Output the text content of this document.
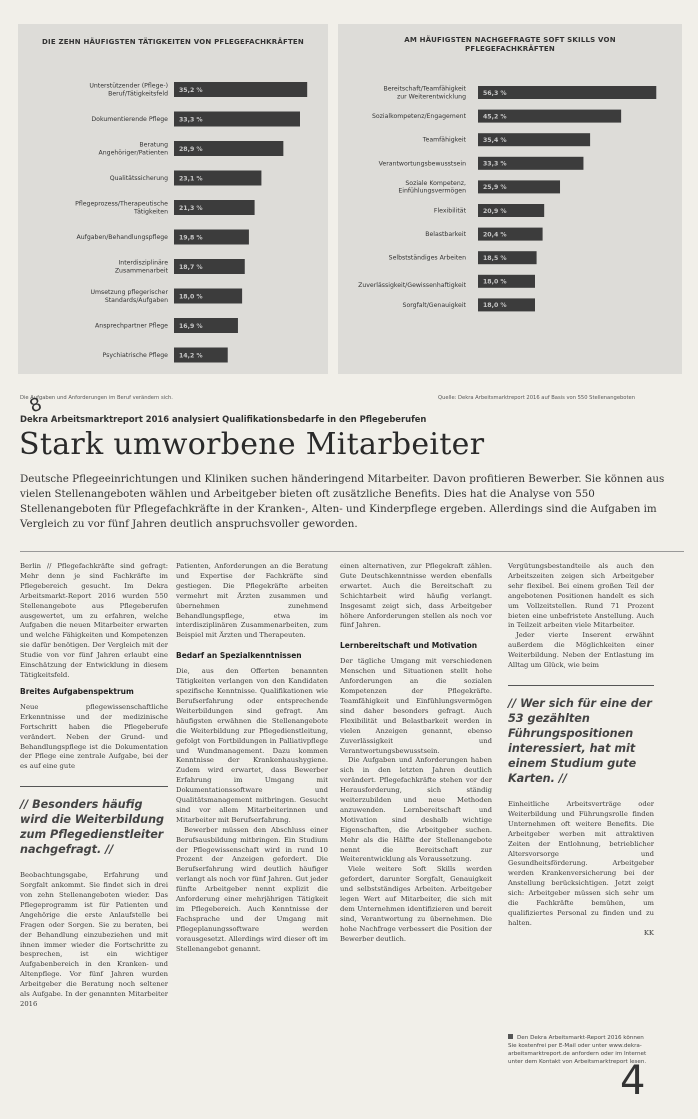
DIE ZEHN HÄUFIGSTEN TÄTIGKEITEN VON PFLEGEFACHKRÄFTEN
Unterstützender (Pflege-) Beruf/Tätigkeitsfeld 35,2 %
Dokumentierende Pflege 33,3 %
Beratung Angehöriger/Patienten 28,9 %
Qualitätssicherung 23,1 %
Pflegeprozess/Therapeutische Tätigkeiten 21,3 %
Aufgaben/Behandlungspflege 19,8 %
Interdisziplinäre Zusammenarbeit 18,7 %
Umsetzung pflegerischer Standards/Aufgaben 18,0 %
Ansprechpartner Pflege 16,9 %
Psychiatrische Pflege 14,2 %
AM HÄUFIGSTEN NACHGEFRAGTE SOFT SKILLS VON PFLEGEFACHKRÄFTEN
Bereitschaft/Teamfähigkeit zur Weiterentwicklung	56,3 %
Sozialkompetenz/Engagement	45,2 %
Teamfähigkeit	35,4 %
Verantwortungsbewusstsein	33,3 %
Soziale Kompetenz, Einfühlungsvermögen	25,9 %
Flexibilität	20,9 %
Belastbarkeit	20,4 %
Selbstständiges Arbeiten	18,5 %
Zuverlässigkeit/Gewissenhaftigkeit	18,0 %
Sorgfalt/Genauigkeit	18,0 %
Die Aufgaben und Anforderungen im Beruf verändern sich.	Quelle: Dekra Arbeitsmarktreport 2016 auf Basis von 550 Stellenangeboten
8
Dekra Arbeitsmarktreport 2016 analysiert Qualifikationsbedarfe in den Pflegeberufen
Stark umworbene Mitarbeiter
Deutsche Pflegeeinrichtungen und Kliniken suchen händeringend Mitarbeiter. Davon profitieren Bewerber. Sie können aus vielen Stellenangeboten wählen und Arbeitgeber bieten oft zusätzliche Benefits. Dies hat die Analyse von 550 Stellenangeboten für Pflegefachkräfte in der Kranken-, Alten- und Kinderpflege ergeben. Allerdings sind die Aufgaben im Vergleich zu vor fünf Jahren deutlich anspruchsvoller geworden.

Berlin // Pflegefachkräfte sind gefragt: Mehr denn je sind Fachkräfte im Pflegebereich gesucht. Im Dekra Arbeitsmarkt-Report 2016 wurden 550 Stellenangebote aus Pflegeberufen ausgewertet, um zu erfahren, welche Aufgaben die neuen Mitarbeiter erwarten und welche Fähigkeiten und Kompetenzen sie dafür benötigen. Der Vergleich mit der Studie von vor fünf Jahren erlaubt eine Einschätzung der Entwicklung in diesem Tätigkeitsfeld.

Breites Aufgabenspektrum

Neue pflegewissenschaftliche Erkenntnisse und der medizinische Fortschritt haben die Pflegeberufe verändert. Neben der Grund- und Behandlungspflege ist die Dokumentation der Pflege eine zentrale Aufgabe, bei der es auf eine gute

// Besonders häufig wird die Weiterbildung zum Pflegedienstleiter nachgefragt. //

Beobachtungsgabe, Erfahrung und Sorgfalt ankommt. Sie findet sich in drei von zehn Stellenangeboten wieder. Das Pflegeprogramm ist für Patienten und Angehörige die erste Anlaufstelle bei Fragen oder Sorgen. Sie zu beraten, bei der Behandlung einzubeziehen und mit ihnen immer wieder die Fortschritte zu besprechen, ist ein wichtiger Aufgabenbereich in den Kranken- und Altenpflege. Vor fünf Jahren wurden Arbeitgeber die Beratung noch seltener als Aufgabe. In der genannten Mitarbeiter 2016

Patienten, Anforderungen an die Beratung und Expertise der Fachkräfte sind gestiegen. Die Pflegekräfte arbeiten vermehrt mit Ärzten zusammen und übernehmen zunehmend Behandlungspflege, etwa im interdisziplinären Zusammenarbeiten, zum Beispiel mit Ärzten und Therapeuten.

Bedarf an Spezialkenntnissen

Die, aus den Offerten benannten Tätigkeiten verlangen von den Kandidaten spezifische Kenntnisse. Qualifikationen wie Berufserfahrung oder entsprechende Weiterbildungen sind gefragt. Am häufigsten erwähnen die Stellenangebote die Weiterbildung zur Pflegedienstleitung, gefolgt von Fortbildungen in Palliativpflege und Wundmanagement. Dazu kommen Kenntnisse der Krankenhaushygiene. Zudem wird erwartet, dass Bewerber Erfahrung im Umgang mit Dokumentationssoftware und Qualitätsmanagement mitbringen. Gesucht sind vor allem Mitarbeiterinnen und Mitarbeiter mit Berufserfahrung.

Bewerber müssen den Abschluss einer Berufsausbildung mitbringen. Ein Studium der Pflegewissenschaft wird in rund 10 Prozent der Anzeigen gefordert. Die Berufserfahrung wird deutlich häufiger verlangt als noch vor fünf Jahren. Gut jeder fünfte Arbeitgeber nennt explizit die Anforderung einer mehrjährigen Tätigkeit im Pflegebereich. Auch Kenntnisse der Fachsprache und der Umgang mit Pflegeplanungssoftware werden vorausgesetzt. Allerdings wird dieser oft im Stellenangebot genannt.

einen alternativen, zur Pflegekraft zählen. Gute Deutschkenntnisse werden ebenfalls erwartet. Auch die Bereitschaft zu Schichtarbeit wird häufig verlangt. Insgesamt zeigt sich, dass Arbeitgeber höhere Anforderungen stellen als noch vor fünf Jahren.

Lernbereitschaft und Motivation

Der tägliche Umgang mit verschiedenen Menschen und Situationen stellt hohe Anforderungen an die sozialen Kompetenzen der Pflegekräfte. Teamfähigkeit und Einfühlungsvermögen sind daher besonders gefragt. Auch Flexibilität und Belastbarkeit werden in vielen Anzeigen genannt, ebenso Zuverlässigkeit und Verantwortungsbewusstsein.

Die Aufgaben und Anforderungen haben sich in den letzten Jahren deutlich verändert. Pflegefachkräfte stehen vor der Herausforderung, sich ständig weiterzubilden und neue Methoden anzuwenden. Lernbereitschaft und Motivation sind deshalb wichtige Eigenschaften, die Arbeitgeber suchen. Mehr als die Hälfte der Stellenangebote nennt die Bereitschaft zur Weiterentwicklung als Voraussetzung.

Viele weitere Soft Skills werden gefordert, darunter Sorgfalt, Genauigkeit und selbstständiges Arbeiten. Arbeitgeber legen Wert auf Mitarbeiter, die sich mit dem Unternehmen identifizieren und bereit sind, Verantwortung zu übernehmen. Die hohe Nachfrage verbessert die Position der Bewerber deutlich.

Vergütungsbestandteile als auch den Arbeitszeiten zeigen sich Arbeitgeber sehr flexibel. Bei einem großen Teil der angebotenen Positionen handelt es sich um Vollzeitstellen. Rund 71 Prozent bieten eine unbefristete Anstellung. Auch in Teilzeit arbeiten viele Mitarbeiter.

Jeder vierte Inserent erwähnt außerdem die Möglichkeiten einer Weiterbildung. Neben der Entlastung im Alltag um Glück, wie beim

// Wer sich für eine der 53 gezählten Führungspositionen interessiert, hat mit einem Studium gute Karten. //

Einheitliche Arbeitsverträge oder Weiterbildung und Führungsrolle finden Unternehmen oft weitere Benefits. Die Arbeitgeber werben mit attraktiven Zeiten der Entlohnung, betrieblicher Altersvorsorge und Gesundheitsförderung. Arbeitgeber werden Krankenversicherung bei der Anstellung berücksichtigen. Jetzt zeigt sich: Arbeitgeber müssen sich sehr um die Fachkräfte bemühen, um qualifiziertes Personal zu finden und zu halten.

KK

Den Dekra Arbeitsmarkt-Report 2016 können Sie kostenfrei per E-Mail oder unter www.dekra-arbeitsmarktreport.de anfordern oder im Internet unter dem Kontakt von Arbeitsmarktreport lesen.
4
